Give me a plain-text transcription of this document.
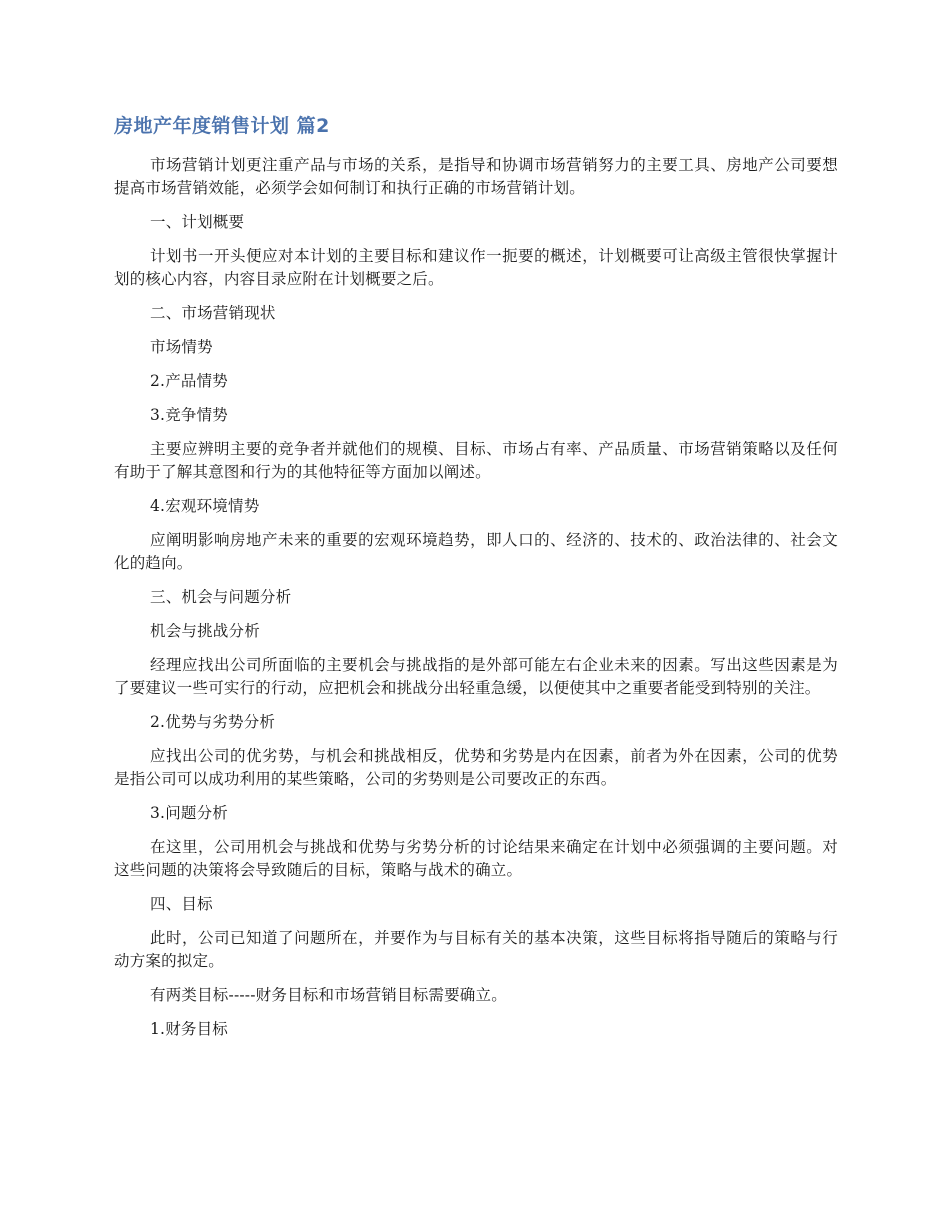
房地产年度销售计划 篇2

市场营销计划更注重产品与市场的关系，是指导和协调市场营销努力的主要工具、房地产公司要想提高市场营销效能，必须学会如何制订和执行正确的市场营销计划。

一、计划概要

计划书一开头便应对本计划的主要目标和建议作一扼要的概述，计划概要可让高级主管很快掌握计划的核心内容，内容目录应附在计划概要之后。

二、市场营销现状

市场情势

2.产品情势

3.竞争情势

主要应辨明主要的竞争者并就他们的规模、目标、市场占有率、产品质量、市场营销策略以及任何有助于了解其意图和行为的其他特征等方面加以阐述。

4.宏观环境情势

应阐明影响房地产未来的重要的宏观环境趋势，即人口的、经济的、技术的、政治法律的、社会文化的趋向。

三、机会与问题分析

机会与挑战分析

经理应找出公司所面临的主要机会与挑战指的是外部可能左右企业未来的因素。写出这些因素是为了要建议一些可实行的行动，应把机会和挑战分出轻重急缓，以便使其中之重要者能受到特别的关注。

2.优势与劣势分析

应找出公司的优劣势，与机会和挑战相反，优势和劣势是内在因素，前者为外在因素，公司的优势是指公司可以成功利用的某些策略，公司的劣势则是公司要改正的东西。

3.问题分析

在这里，公司用机会与挑战和优势与劣势分析的讨论结果来确定在计划中必须强调的主要问题。对这些问题的决策将会导致随后的目标，策略与战术的确立。

四、目标

此时，公司已知道了问题所在，并要作为与目标有关的基本决策，这些目标将指导随后的策略与行动方案的拟定。

有两类目标-----财务目标和市场营销目标需要确立。

1.财务目标
